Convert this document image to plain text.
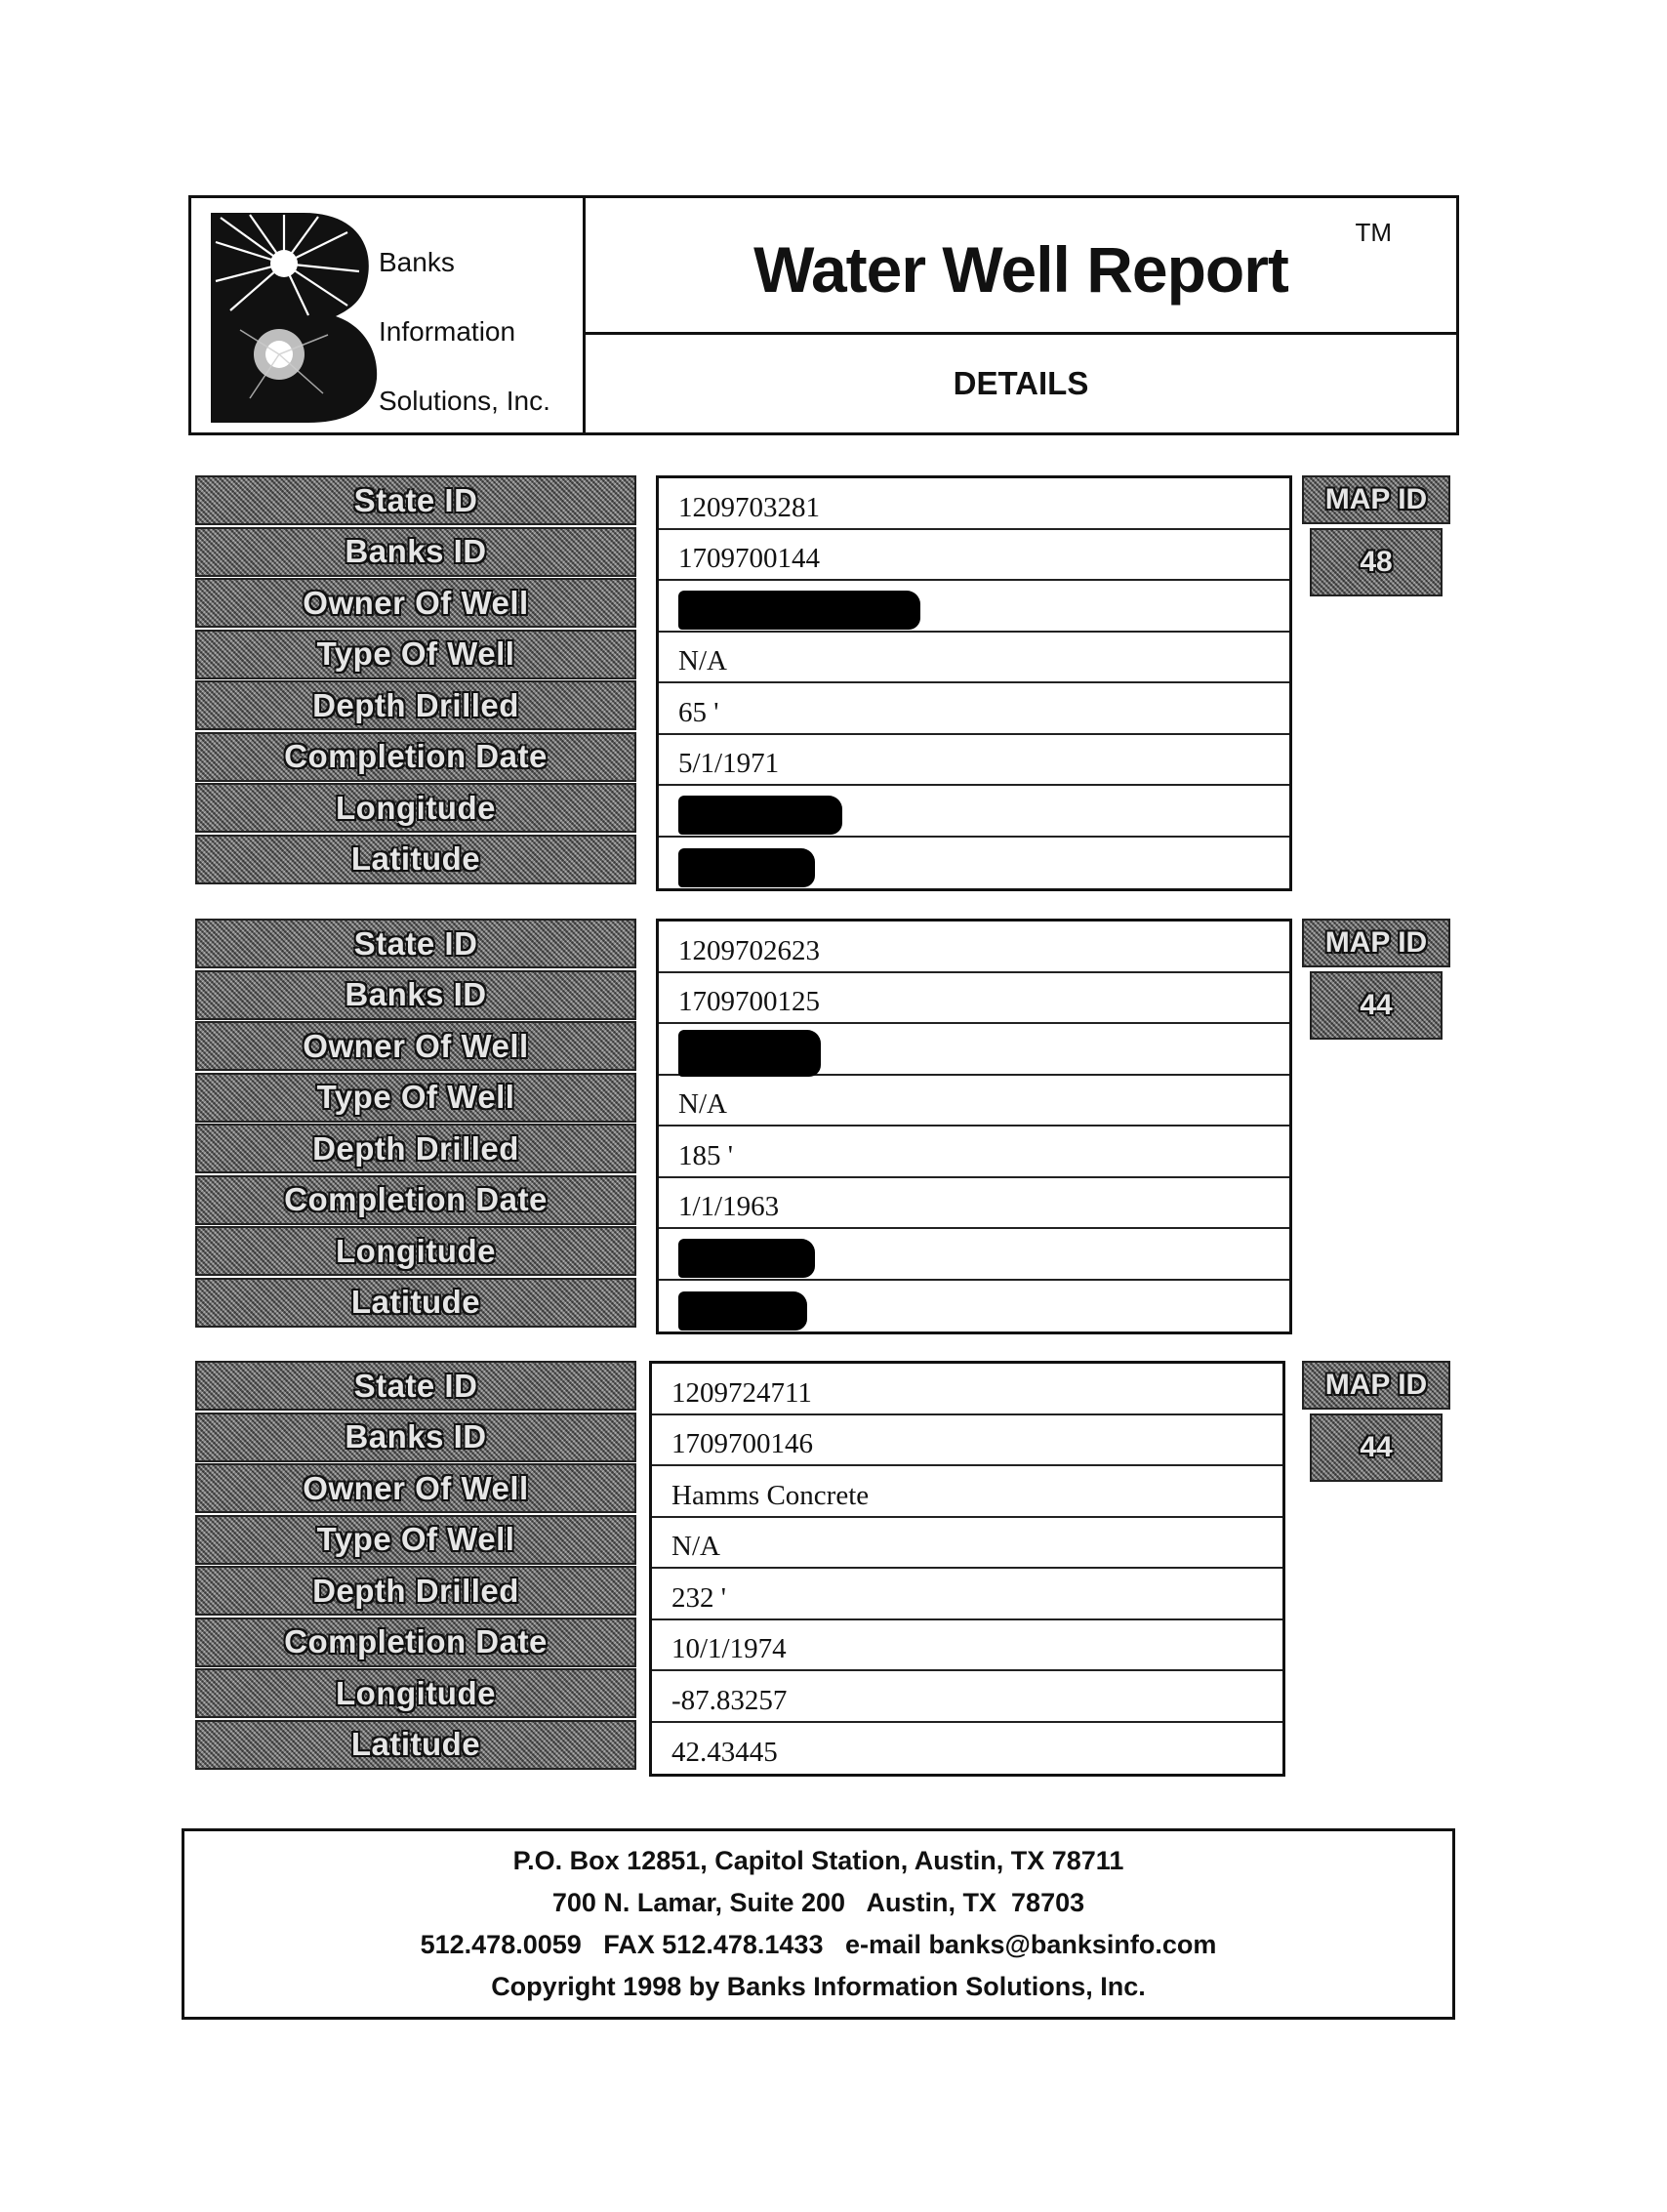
Banks
Information
Solutions, Inc.
Water Well Report
TM
DETAILS
State ID
Banks ID
Owner Of Well
Type Of Well
Depth Drilled
Completion Date
Longitude
Latitude
1209703281
1709700144
N/A
65 '
5/1/1971
MAP ID
48
State ID
Banks ID
Owner Of Well
Type Of Well
Depth Drilled
Completion Date
Longitude
Latitude
1209702623
1709700125
N/A
185 '
1/1/1963
MAP ID
44
State ID
Banks ID
Owner Of Well
Type Of Well
Depth Drilled
Completion Date
Longitude
Latitude
1209724711
1709700146
Hamms Concrete
N/A
232 '
10/1/1974
-87.83257
42.43445
MAP ID
44
P.O. Box 12851, Capitol Station, Austin, TX 78711
700 N. Lamar, Suite 200   Austin, TX  78703
512.478.0059   FAX 512.478.1433   e-mail banks@banksinfo.com
Copyright 1998 by Banks Information Solutions, Inc.
